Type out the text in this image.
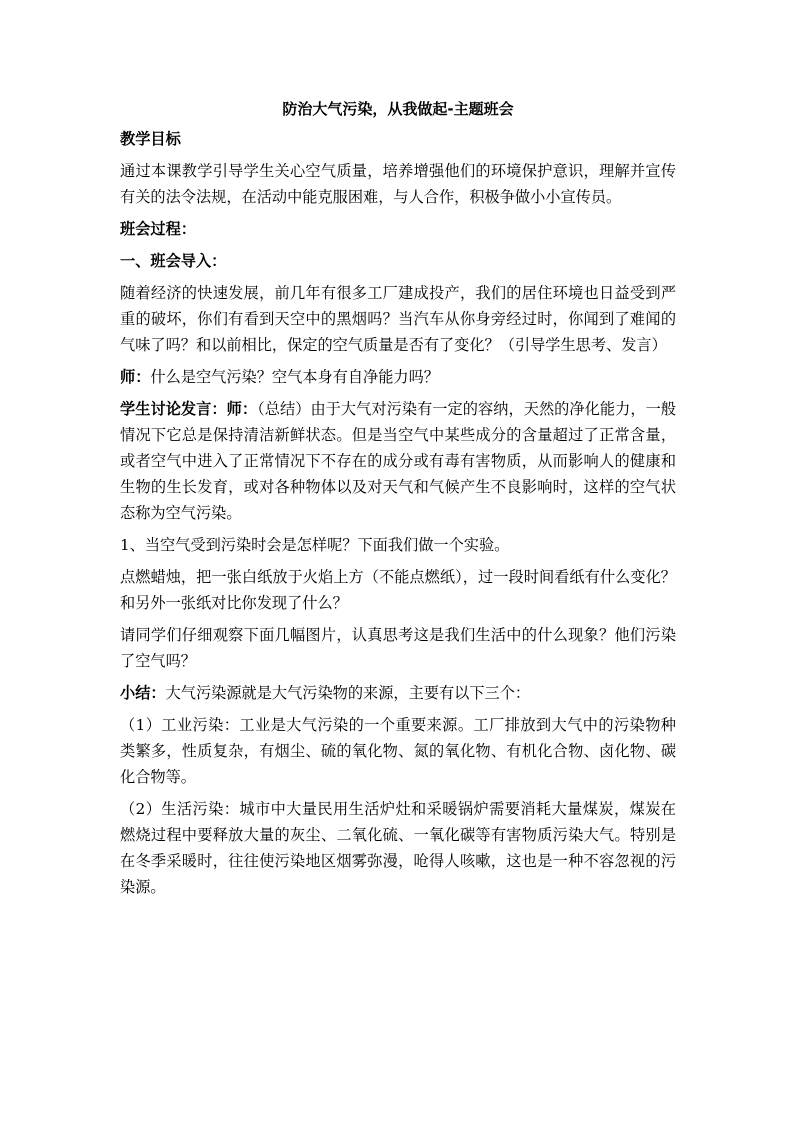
防治大气污染，从我做起-主题班会
教学目标

通过本课教学引导学生关心空气质量，培养增强他们的环境保护意识，理解并宣传有关的法令法规，在活动中能克服困难，与人合作，积极争做小小宣传员。

班会过程：
一、班会导入：

随着经济的快速发展，前几年有很多工厂建成投产，我们的居住环境也日益受到严重的破坏，你们有看到天空中的黑烟吗？当汽车从你身旁经过时，你闻到了难闻的气味了吗？和以前相比，保定的空气质量是否有了变化？（引导学生思考、发言）

师：什么是空气污染？空气本身有自净能力吗？

学生讨论发言：师：（总结）由于大气对污染有一定的容纳，天然的净化能力，一般情况下它总是保持清洁新鲜状态。但是当空气中某些成分的含量超过了正常含量，或者空气中进入了正常情况下不存在的成分或有毒有害物质，从而影响人的健康和生物的生长发育，或对各种物体以及对天气和气候产生不良影响时，这样的空气状态称为空气污染。

1、当空气受到污染时会是怎样呢？下面我们做一个实验。

点燃蜡烛，把一张白纸放于火焰上方（不能点燃纸），过一段时间看纸有什么变化？和另外一张纸对比你发现了什么？

请同学们仔细观察下面几幅图片，认真思考这是我们生活中的什么现象？他们污染了空气吗？

小结：大气污染源就是大气污染物的来源，主要有以下三个：

（1）工业污染：工业是大气污染的一个重要来源。工厂排放到大气中的污染物种类繁多，性质复杂，有烟尘、硫的氧化物、氮的氧化物、有机化合物、卤化物、碳化合物等。

（2）生活污染：城市中大量民用生活炉灶和采暖锅炉需要消耗大量煤炭，煤炭在燃烧过程中要释放大量的灰尘、二氧化硫、一氧化碳等有害物质污染大气。特别是在冬季采暖时，往往使污染地区烟雾弥漫，呛得人咳嗽，这也是一种不容忽视的污染源。
